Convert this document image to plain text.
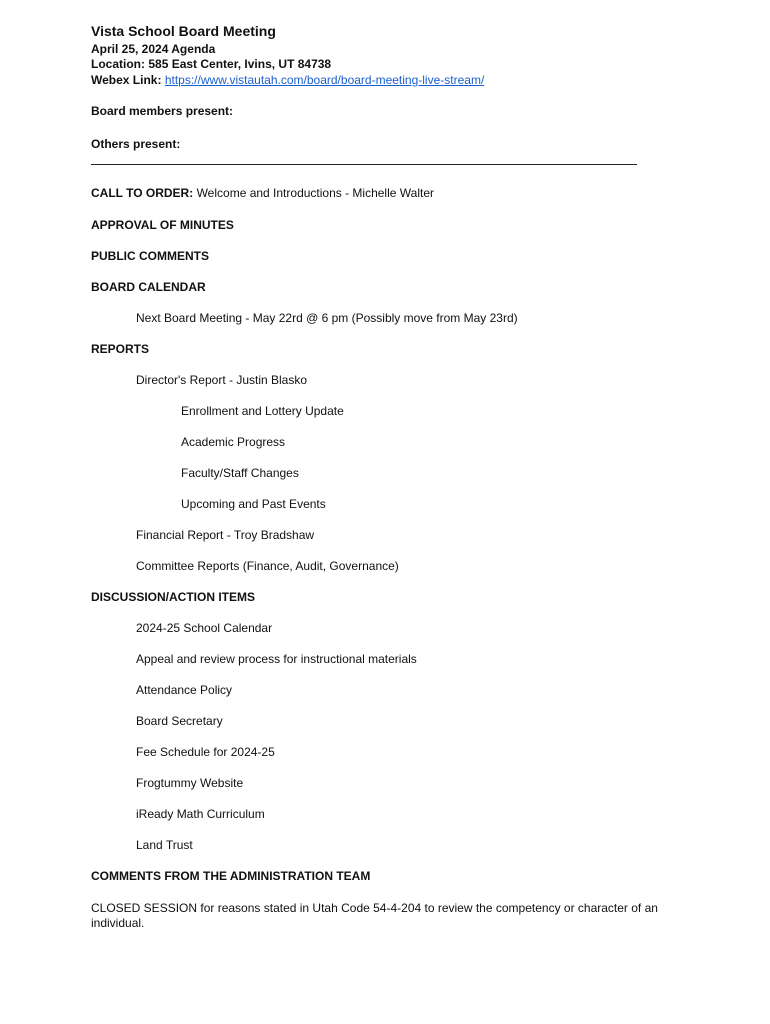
Vista School Board Meeting
April 25, 2024 Agenda
Location: 585 East Center, Ivins, UT 84738
Webex Link: https://www.vistautah.com/board/board-meeting-live-stream/
Board members present:
Others present:
CALL TO ORDER: Welcome and Introductions - Michelle Walter
APPROVAL OF MINUTES
PUBLIC COMMENTS
BOARD CALENDAR
Next Board Meeting - May 22rd @ 6 pm (Possibly move from May 23rd)
REPORTS
Director's Report - Justin Blasko
Enrollment and Lottery Update
Academic Progress
Faculty/Staff Changes
Upcoming and Past Events
Financial Report - Troy Bradshaw
Committee Reports (Finance, Audit, Governance)
DISCUSSION/ACTION ITEMS
2024-25 School Calendar
Appeal and review process for instructional materials
Attendance Policy
Board Secretary
Fee Schedule for 2024-25
Frogtummy Website
iReady Math Curriculum
Land Trust
COMMENTS FROM THE ADMINISTRATION TEAM
CLOSED SESSION for reasons stated in Utah Code 54-4-204 to review the competency or character of an individual.
